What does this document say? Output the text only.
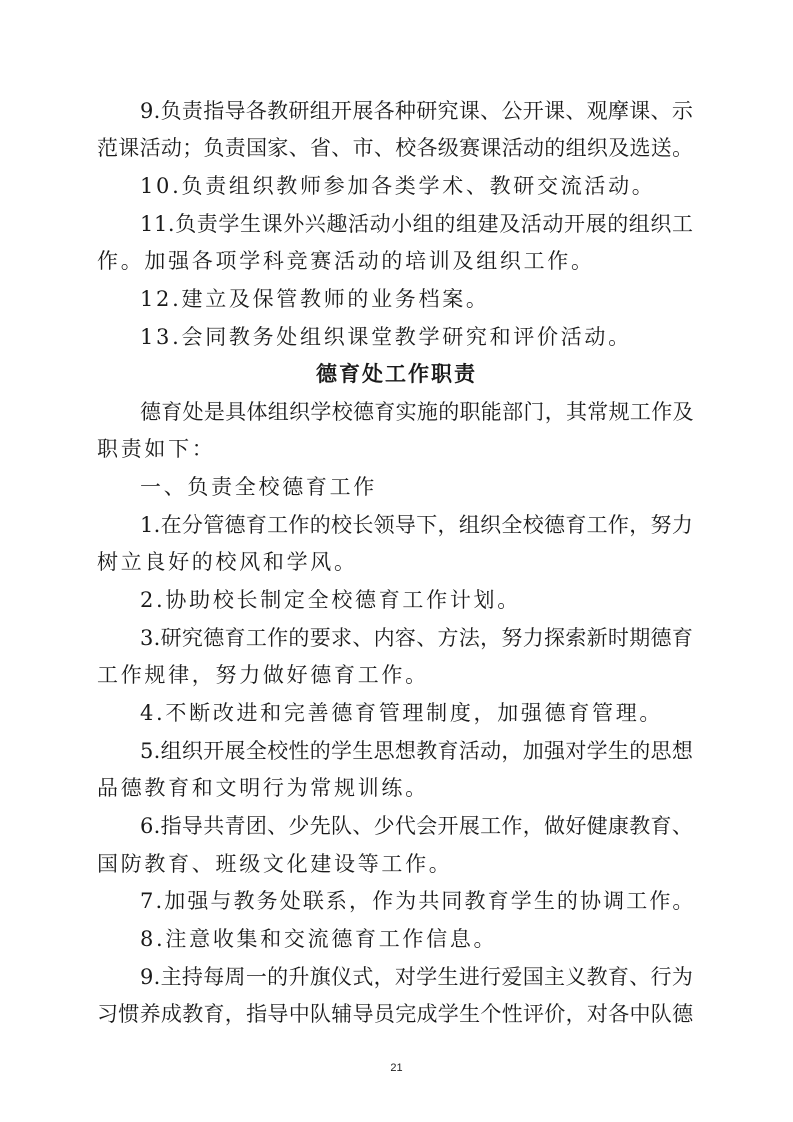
9.负责指导各教研组开展各种研究课、公开课、观摩课、示
范课活动；负责国家、省、市、校各级赛课活动的组织及选送。
10.负责组织教师参加各类学术、教研交流活动。
11.负责学生课外兴趣活动小组的组建及活动开展的组织工
作。加强各项学科竞赛活动的培训及组织工作。
12.建立及保管教师的业务档案。
13.会同教务处组织课堂教学研究和评价活动。
德育处工作职责
德育处是具体组织学校德育实施的职能部门，其常规工作及
职责如下：
一、负责全校德育工作
1.在分管德育工作的校长领导下，组织全校德育工作，努力
树立良好的校风和学风。
2.协助校长制定全校德育工作计划。
3.研究德育工作的要求、内容、方法，努力探索新时期德育
工作规律，努力做好德育工作。
4.不断改进和完善德育管理制度，加强德育管理。
5.组织开展全校性的学生思想教育活动，加强对学生的思想
品德教育和文明行为常规训练。
6.指导共青团、少先队、少代会开展工作，做好健康教育、
国防教育、班级文化建设等工作。
7.加强与教务处联系，作为共同教育学生的协调工作。
8.注意收集和交流德育工作信息。
9.主持每周一的升旗仪式，对学生进行爱国主义教育、行为
习惯养成教育，指导中队辅导员完成学生个性评价，对各中队德
21
